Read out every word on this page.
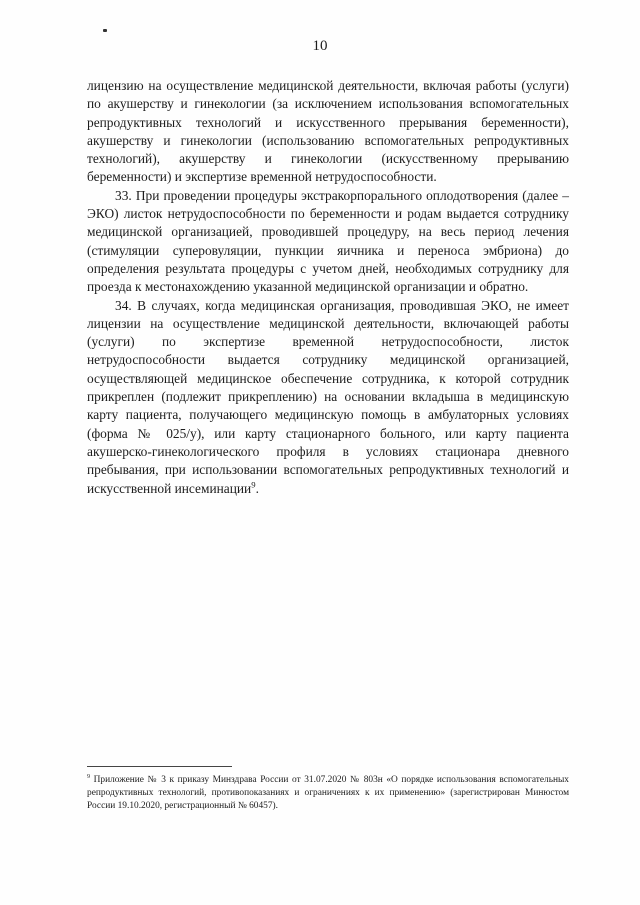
10

лицензию на осуществление медицинской деятельности, включая работы (услуги) по акушерству и гинекологии (за исключением использования вспомогательных репродуктивных технологий и искусственного прерывания беременности), акушерству и гинекологии (использованию вспомогательных репродуктивных технологий), акушерству и гинекологии (искусственному прерыванию беременности) и экспертизе временной нетрудоспособности.

33. При проведении процедуры экстракорпорального оплодотворения (далее – ЭКО) листок нетрудоспособности по беременности и родам выдается сотруднику медицинской организацией, проводившей процедуру, на весь период лечения (стимуляции суперовуляции, пункции яичника и переноса эмбриона) до определения результата процедуры с учетом дней, необходимых сотруднику для проезда к местонахождению указанной медицинской организации и обратно.

34. В случаях, когда медицинская организация, проводившая ЭКО, не имеет лицензии на осуществление медицинской деятельности, включающей работы (услуги) по экспертизе временной нетрудоспособности, листок нетрудоспособности выдается сотруднику медицинской организацией, осуществляющей медицинское обеспечение сотрудника, к которой сотрудник прикреплен (подлежит прикреплению) на основании вкладыша в медицинскую карту пациента, получающего медицинскую помощь в амбулаторных условиях (форма № 025/у), или карту стационарного больного, или карту пациента акушерско-гинекологического профиля в условиях стационара дневного пребывания, при использовании вспомогательных репродуктивных технологий и искусственной инсеминации$^9$.

$^9$ Приложение № 3 к приказу Минздрава России от 31.07.2020 № 803н «О порядке использования вспомогательных репродуктивных технологий, противопоказаниях и ограничениях к их применению» (зарегистрирован Минюстом России 19.10.2020, регистрационный № 60457).
